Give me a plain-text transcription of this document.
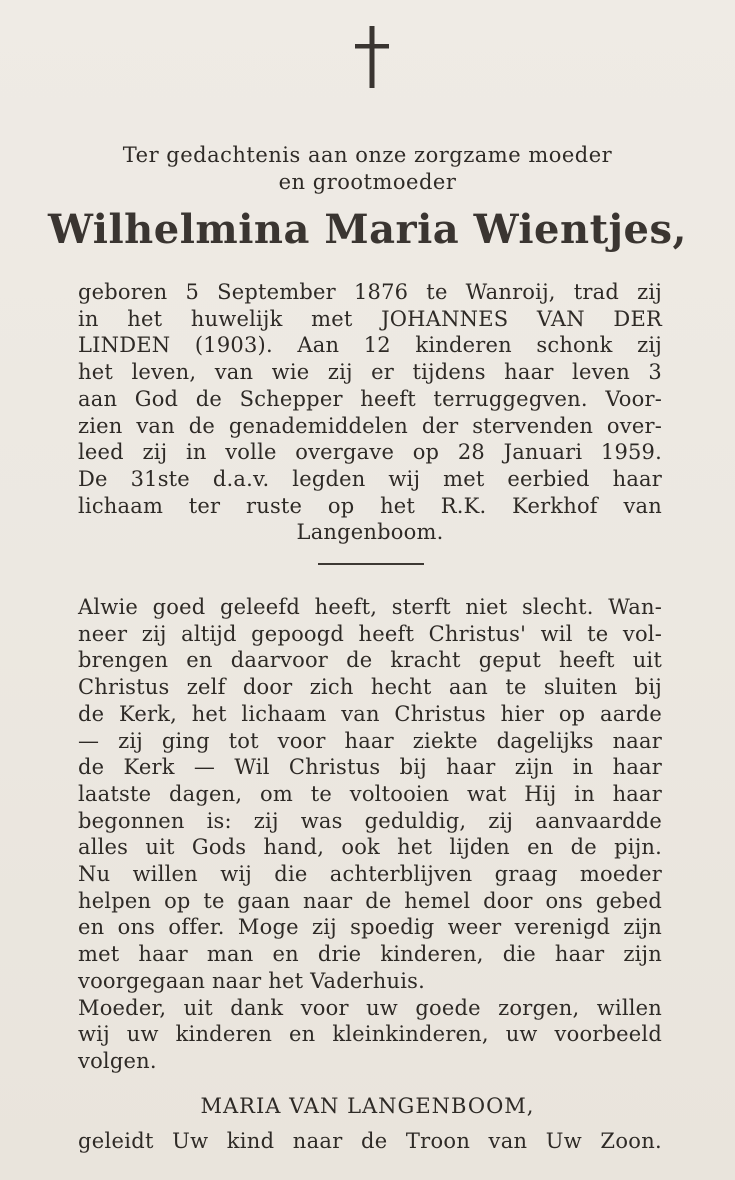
Ter gedachtenis aan onze zorgzame moeder
en grootmoeder
Wilhelmina Maria Wientjes,
geboren 5 September 1876 te Wanroij, trad zij
in het huwelijk met JOHANNES VAN DER
LINDEN (1903). Aan 12 kinderen schonk zij
het leven, van wie zij er tijdens haar leven 3
aan God de Schepper heeft terruggegven. Voor-
zien van de genademiddelen der stervenden over-
leed zij in volle overgave op 28 Januari 1959.
De 31ste d.a.v. legden wij met eerbied haar
lichaam ter ruste op het R.K. Kerkhof van
Langenboom.
Alwie goed geleefd heeft, sterft niet slecht. Wan-
neer zij altijd gepoogd heeft Christus' wil te vol-
brengen en daarvoor de kracht geput heeft uit
Christus zelf door zich hecht aan te sluiten bij
de Kerk, het lichaam van Christus hier op aarde
— zij ging tot voor haar ziekte dagelijks naar
de Kerk — Wil Christus bij haar zijn in haar
laatste dagen, om te voltooien wat Hij in haar
begonnen is: zij was geduldig, zij aanvaardde
alles uit Gods hand, ook het lijden en de pijn.
Nu willen wij die achterblijven graag moeder
helpen op te gaan naar de hemel door ons gebed
en ons offer. Moge zij spoedig weer verenigd zijn
met haar man en drie kinderen, die haar zijn
voorgegaan naar het Vaderhuis.
Moeder, uit dank voor uw goede zorgen, willen
wij uw kinderen en kleinkinderen, uw voorbeeld
volgen.
MARIA VAN LANGENBOOM,
geleidt Uw kind naar de Troon van Uw Zoon.
